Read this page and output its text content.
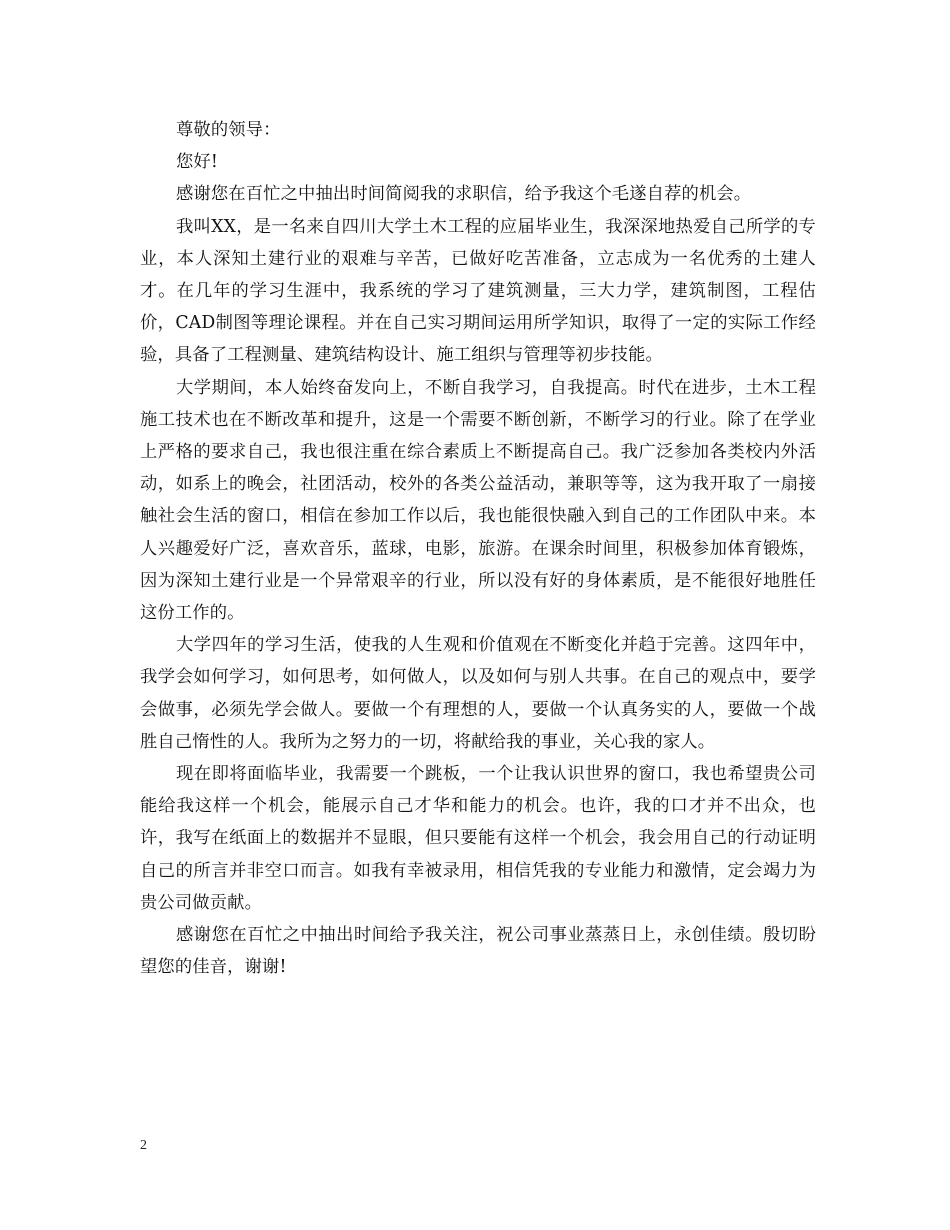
尊敬的领导：

您好!

感谢您在百忙之中抽出时间简阅我的求职信，给予我这个毛遂自荐的机会。

我叫XX，是一名来自四川大学土木工程的应届毕业生，我深深地热爱自己所学的专业，本人深知土建行业的艰难与辛苦，已做好吃苦准备，立志成为一名优秀的土建人才。在几年的学习生涯中，我系统的学习了建筑测量，三大力学，建筑制图，工程估价，CAD制图等理论课程。并在自己实习期间运用所学知识，取得了一定的实际工作经验，具备了工程测量、建筑结构设计、施工组织与管理等初步技能。

大学期间，本人始终奋发向上，不断自我学习，自我提高。时代在进步，土木工程施工技术也在不断改革和提升，这是一个需要不断创新，不断学习的行业。除了在学业上严格的要求自己，我也很注重在综合素质上不断提高自己。我广泛参加各类校内外活动，如系上的晚会，社团活动，校外的各类公益活动，兼职等等，这为我开取了一扇接触社会生活的窗口，相信在参加工作以后，我也能很快融入到自己的工作团队中来。本人兴趣爱好广泛，喜欢音乐，蓝球，电影，旅游。在课余时间里，积极参加体育锻炼，因为深知土建行业是一个异常艰辛的行业，所以没有好的身体素质，是不能很好地胜任这份工作的。

大学四年的学习生活，使我的人生观和价值观在不断变化并趋于完善。这四年中，我学会如何学习，如何思考，如何做人，以及如何与别人共事。在自己的观点中，要学会做事，必须先学会做人。要做一个有理想的人，要做一个认真务实的人，要做一个战胜自己惰性的人。我所为之努力的一切，将献给我的事业，关心我的家人。

现在即将面临毕业，我需要一个跳板，一个让我认识世界的窗口，我也希望贵公司能给我这样一个机会，能展示自己才华和能力的机会。也许，我的口才并不出众，也许，我写在纸面上的数据并不显眼，但只要能有这样一个机会，我会用自己的行动证明自己的所言并非空口而言。如我有幸被录用，相信凭我的专业能力和激情，定会竭力为贵公司做贡献。

感谢您在百忙之中抽出时间给予我关注，祝公司事业蒸蒸日上，永创佳绩。殷切盼望您的佳音，谢谢!

2
